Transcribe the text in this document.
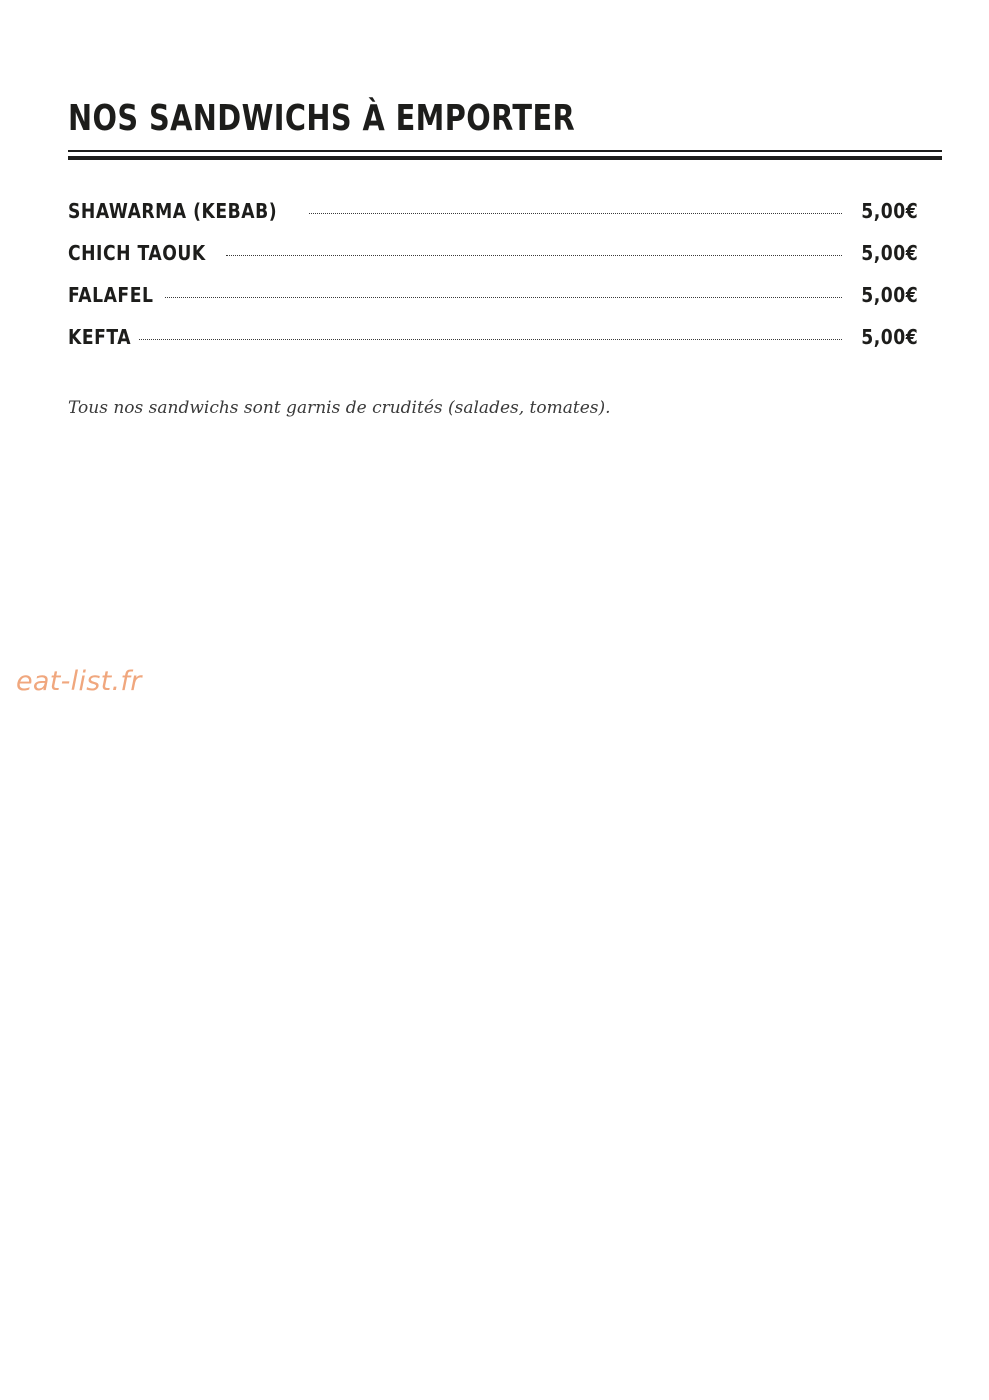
NOS SANDWICHS À EMPORTER
SHAWARMA (KEBAB)	5,00€
CHICH TAOUK	5,00€
FALAFEL	5,00€
KEFTA	5,00€

Tous nos sandwichs sont garnis de crudités (salades, tomates).

eat-list.fr
